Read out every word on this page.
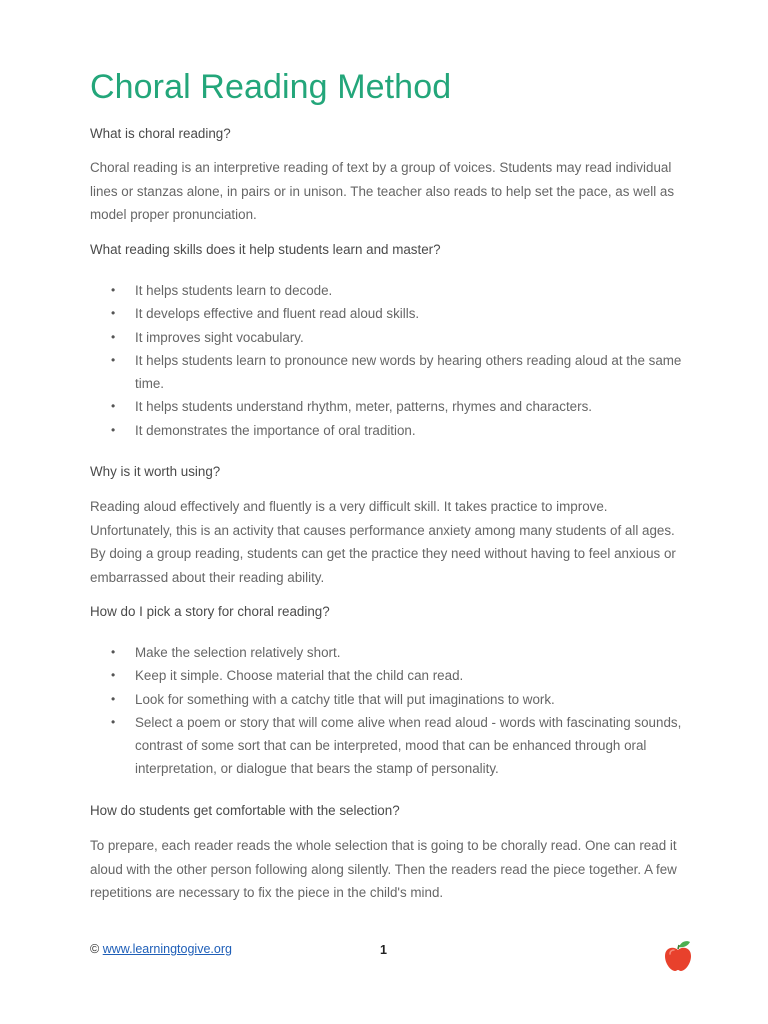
Choral Reading Method
What is choral reading?

Choral reading is an interpretive reading of text by a group of voices. Students may read individual lines or stanzas alone, in pairs or in unison. The teacher also reads to help set the pace, as well as model proper pronunciation.

What reading skills does it help students learn and master?
• It helps students learn to decode.
• It develops effective and fluent read aloud skills.
• It improves sight vocabulary.
• It helps students learn to pronounce new words by hearing others reading aloud at the same time.
• It helps students understand rhythm, meter, patterns, rhymes and characters.
• It demonstrates the importance of oral tradition.
Why is it worth using?

Reading aloud effectively and fluently is a very difficult skill. It takes practice to improve. Unfortunately, this is an activity that causes performance anxiety among many students of all ages. By doing a group reading, students can get the practice they need without having to feel anxious or embarrassed about their reading ability.

How do I pick a story for choral reading?
• Make the selection relatively short.
• Keep it simple. Choose material that the child can read.
• Look for something with a catchy title that will put imaginations to work.
• Select a poem or story that will come alive when read aloud - words with fascinating sounds, contrast of some sort that can be interpreted, mood that can be enhanced through oral interpretation, or dialogue that bears the stamp of personality.
How do students get comfortable with the selection?

To prepare, each reader reads the whole selection that is going to be chorally read. One can read it aloud with the other person following along silently. Then the readers read the piece together. A few repetitions are necessary to fix the piece in the child's mind.

© www.learningtogive.org	1
